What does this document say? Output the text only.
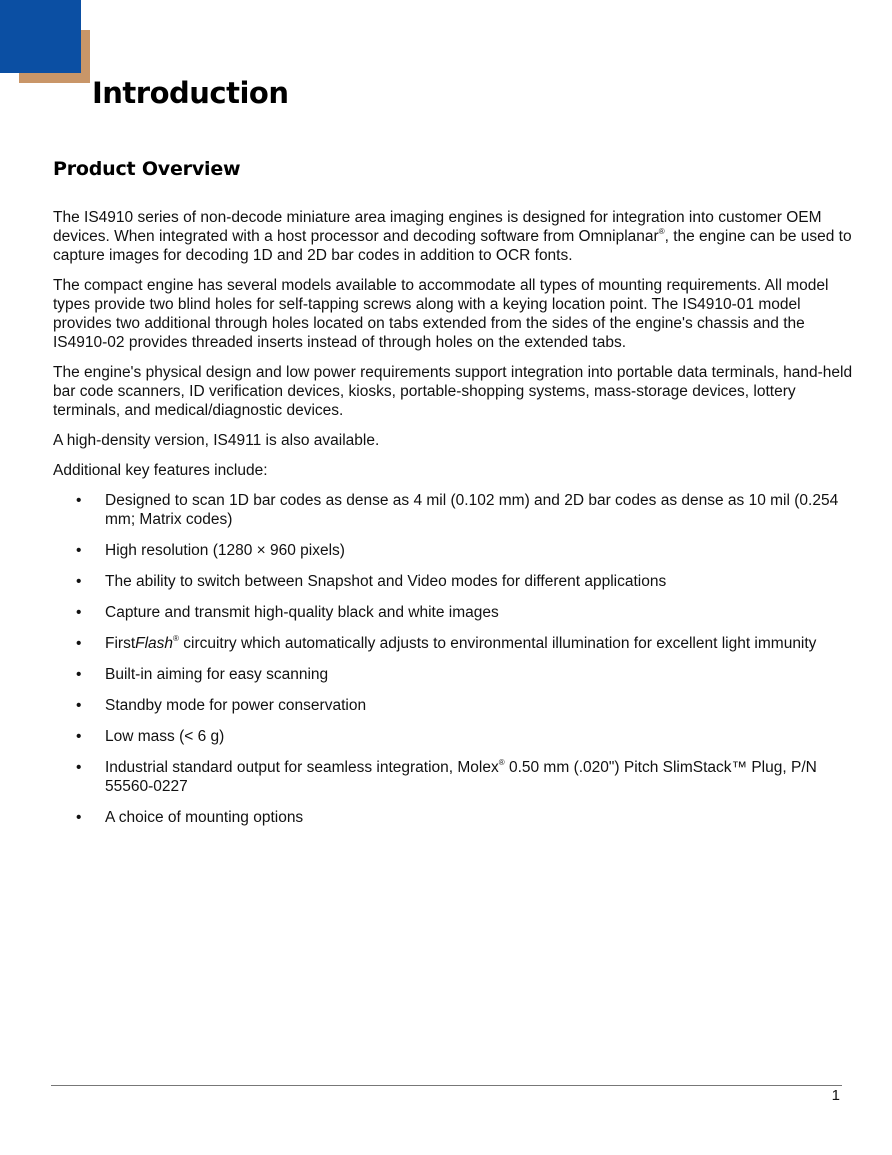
Introduction
Product Overview

The IS4910 series of non-decode miniature area imaging engines is designed for integration into customer OEM devices. When integrated with a host processor and decoding software from Omniplanar®, the engine can be used to capture images for decoding 1D and 2D bar codes in addition to OCR fonts.

The compact engine has several models available to accommodate all types of mounting requirements. All model types provide two blind holes for self-tapping screws along with a keying location point. The IS4910-01 model provides two additional through holes located on tabs extended from the sides of the engine's chassis and the IS4910-02 provides threaded inserts instead of through holes on the extended tabs.

The engine's physical design and low power requirements support integration into portable data terminals, hand-held bar code scanners, ID verification devices, kiosks, portable-shopping systems, mass-storage devices, lottery terminals, and medical/diagnostic devices.

A high-density version, IS4911 is also available.

Additional key features include:

• Designed to scan 1D bar codes as dense as 4 mil (0.102 mm) and 2D bar codes as dense as 10 mil (0.254 mm; Matrix codes)
• High resolution (1280 × 960 pixels)
• The ability to switch between Snapshot and Video modes for different applications
• Capture and transmit high-quality black and white images
• FirstFlash® circuitry which automatically adjusts to environmental illumination for excellent light immunity
• Built-in aiming for easy scanning
• Standby mode for power conservation
• Low mass (< 6 g)
• Industrial standard output for seamless integration, Molex® 0.50 mm (.020") Pitch SlimStack™ Plug, P/N 55560-0227
• A choice of mounting options
1
